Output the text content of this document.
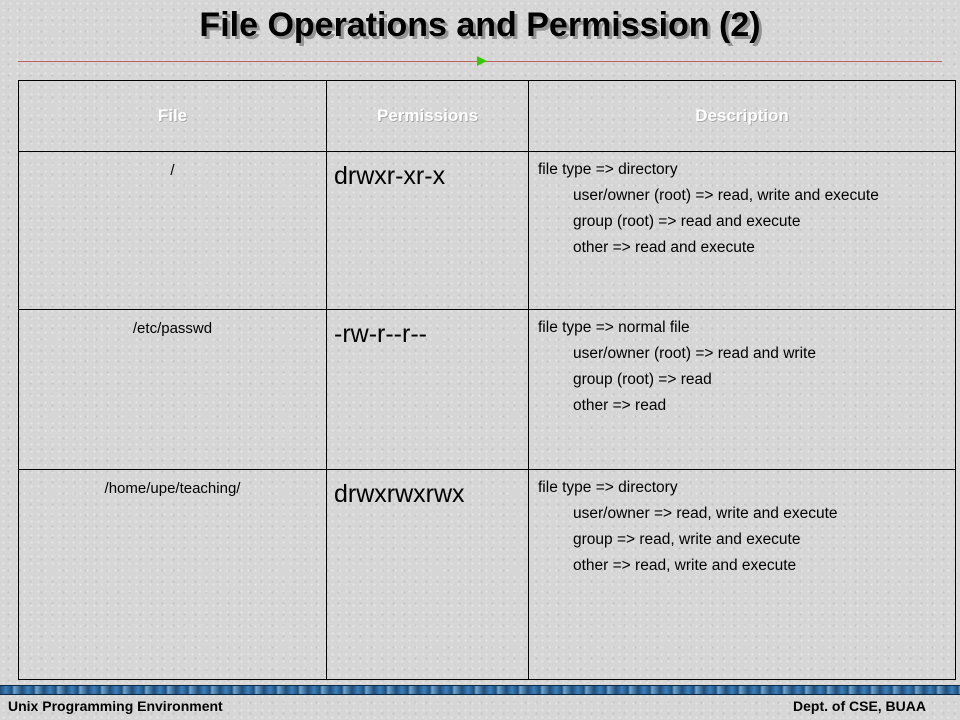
File Operations and Permission (2)
File	Permissions	Description
/	drwxr-xr-x	file type => directory
user/owner (root) => read, write and execute
group (root) => read and execute
other => read and execute

/etc/passwd	-rw-r--r--	file type => normal file
user/owner (root) => read and write
group (root) => read
other => read

/home/upe/teaching/	drwxrwxrwx	file type => directory
user/owner => read, write and execute
group => read, write and execute
other => read, write and execute
Unix Programming Environment	Dept. of CSE, BUAA
